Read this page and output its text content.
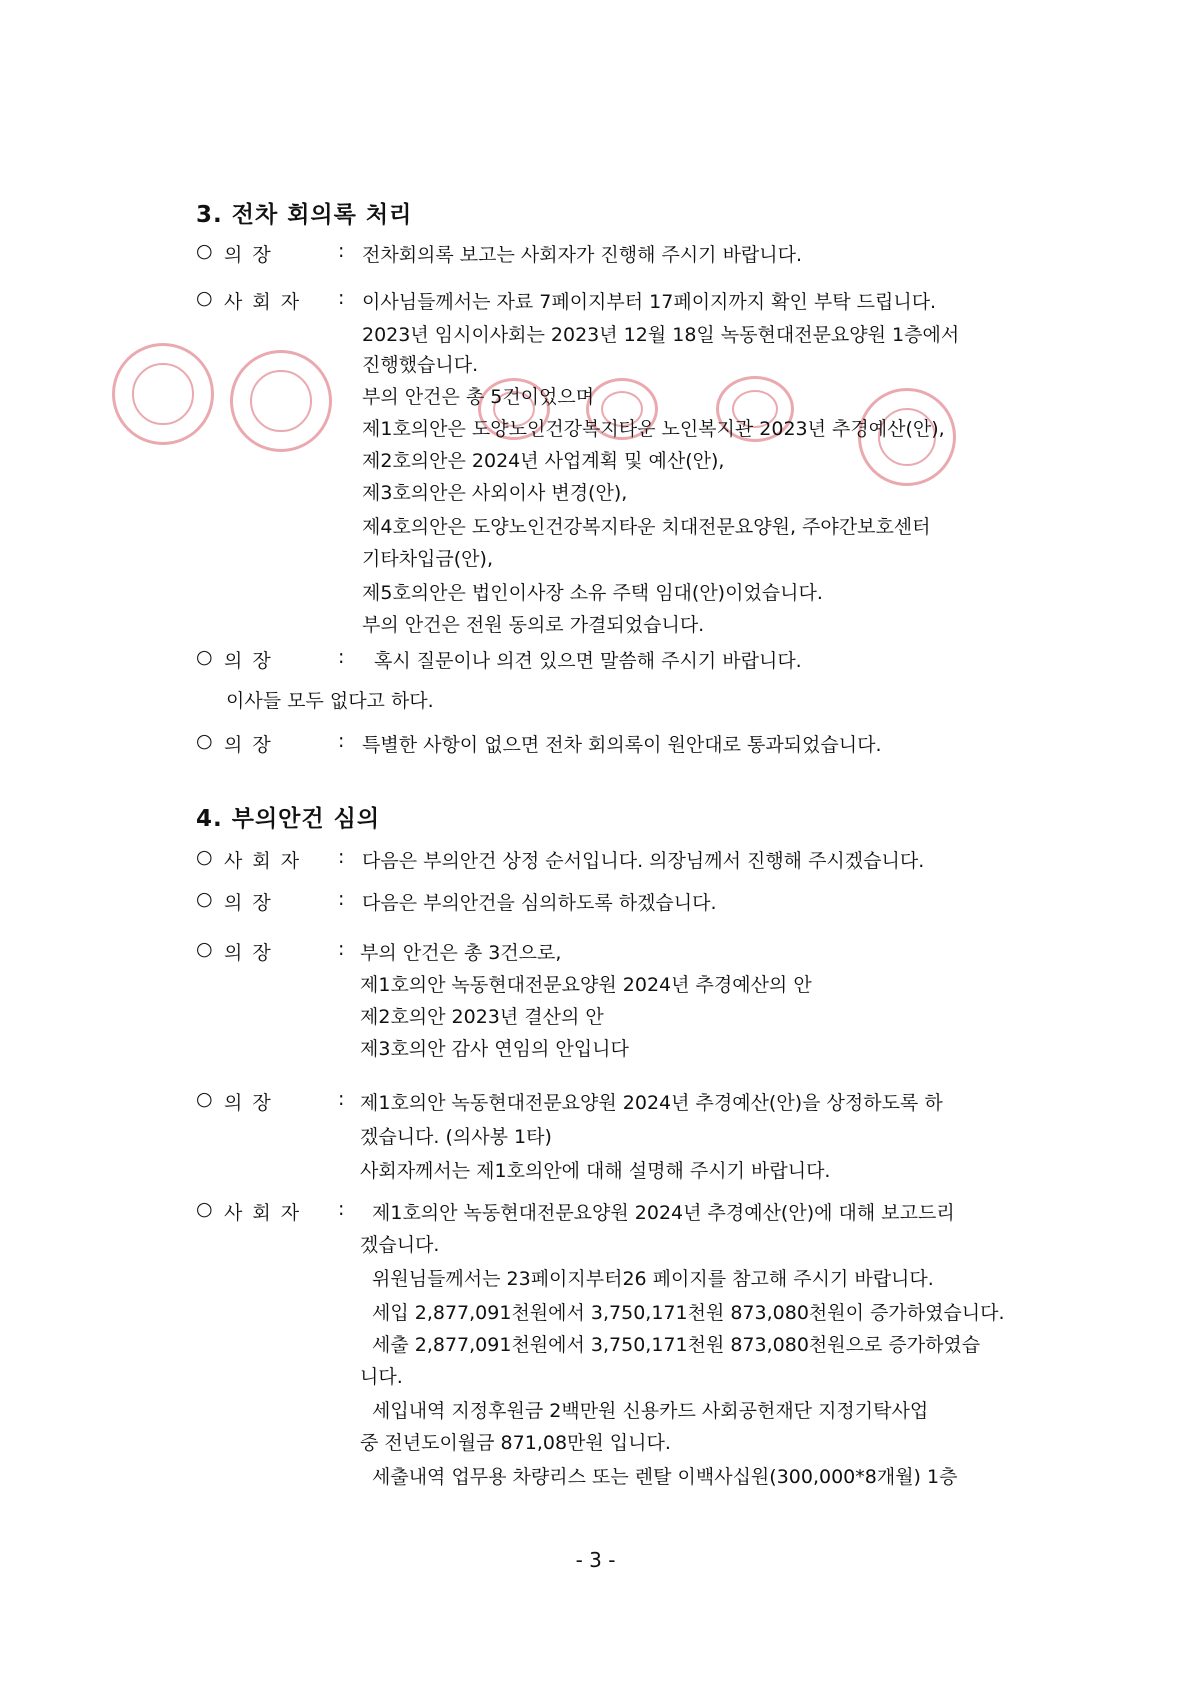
3. 전차 회의록 처리
○ 의 장	: 전차회의록 보고는 사회자가 진행해 주시기 바랍니다.
○ 사 회 자 : 이사님들께서는 자료 7페이지부터 17페이지까지 확인 부탁 드립니다.
2023년 임시이사회는 2023년 12월 18일 녹동현대전문요양원 1층에서
진행했습니다.
부의 안건은 총 5건이었으며
제1호의안은 도양노인건강복지타운 노인복지관 2023년 추경예산(안),
제2호의안은 2024년 사업계획 및 예산(안),
제3호의안은 사외이사 변경(안),
제4호의안은 도양노인건강복지타운 치대전문요양원, 주야간보호센터
기타차입금(안),
제5호의안은 법인이사장 소유 주택 임대(안)이었습니다.
부의 안건은 전원 동의로 가결되었습니다.
○ 의 장	: 혹시 질문이나 의견 있으면 말씀해 주시기 바랍니다.
이사들 모두 없다고 하다.
○ 의 장	: 특별한 사항이 없으면 전차 회의록이 원안대로 통과되었습니다.
4. 부의안건 심의
○ 사 회 자 : 다음은 부의안건 상정 순서입니다. 의장님께서 진행해 주시겠습니다.
○ 의 장	: 다음은 부의안건을 심의하도록 하겠습니다.
○ 의 장	: 부의 안건은 총 3건으로,
제1호의안 녹동현대전문요양원 2024년 추경예산의 안
제2호의안 2023년 결산의 안
제3호의안 감사 연임의 안입니다
○ 의 장	: 제1호의안 녹동현대전문요양원 2024년 추경예산(안)을 상정하도록 하
겠습니다. (의사봉 1타)
사회자께서는 제1호의안에 대해 설명해 주시기 바랍니다.
○ 사 회 자 : 제1호의안 녹동현대전문요양원 2024년 추경예산(안)에 대해 보고드리
겠습니다.
위원님들께서는 23페이지부터26 페이지를 참고해 주시기 바랍니다.
세입 2,877,091천원에서 3,750,171천원 873,080천원이 증가하였습니다.
세출 2,877,091천원에서 3,750,171천원 873,080천원으로 증가하였습
니다.
세입내역 지정후원금 2백만원 신용카드 사회공헌재단 지정기탁사업
중 전년도이월금 871,08만원 입니다.
세출내역 업무용 차량리스 또는 렌탈 이백사십원(300,000*8개월) 1층
- 3 -
